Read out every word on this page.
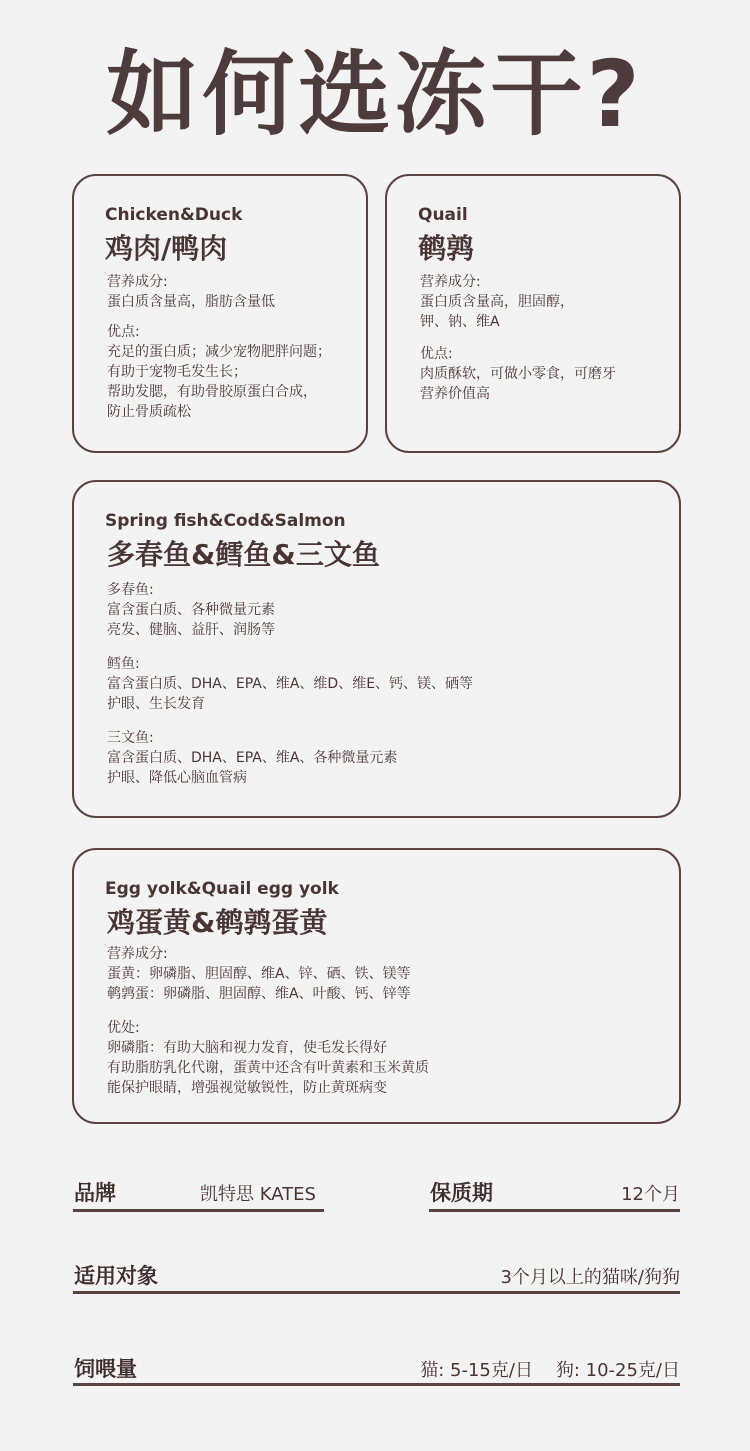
如何选冻干?
Chicken&Duck
鸡肉/鸭肉
营养成分:
蛋白质含量高，脂肪含量低
优点:
充足的蛋白质；减少宠物肥胖问题；
有助于宠物毛发生长；
帮助发腮，有助骨胶原蛋白合成，
防止骨质疏松
Quail
鹌鹑
营养成分:
蛋白质含量高，胆固醇，
钾、钠、维A
优点:
肉质酥软，可做小零食，可磨牙
营养价值高
Spring fish&Cod&Salmon
多春鱼&鳕鱼&三文鱼
多春鱼:
富含蛋白质、各种微量元素
亮发、健脑、益肝、润肠等
鳕鱼:
富含蛋白质、DHA、EPA、维A、维D、维E、钙、镁、硒等
护眼、生长发育
三文鱼:
富含蛋白质、DHA、EPA、维A、各种微量元素
护眼、降低心脑血管病
Egg yolk&Quail egg yolk
鸡蛋黄&鹌鹑蛋黄
营养成分:
蛋黄：卵磷脂、胆固醇、维A、锌、硒、铁、镁等
鹌鹑蛋：卵磷脂、胆固醇、维A、叶酸、钙、锌等
优处:
卵磷脂：有助大脑和视力发育，使毛发长得好
有助脂肪乳化代谢，蛋黄中还含有叶黄素和玉米黄质
能保护眼睛，增强视觉敏锐性，防止黄斑病变
品牌	凯特思 KATES	保质期	12个月
适用对象	3个月以上的猫咪/狗狗
饲喂量	猫: 5-15克/日    狗: 10-25克/日
